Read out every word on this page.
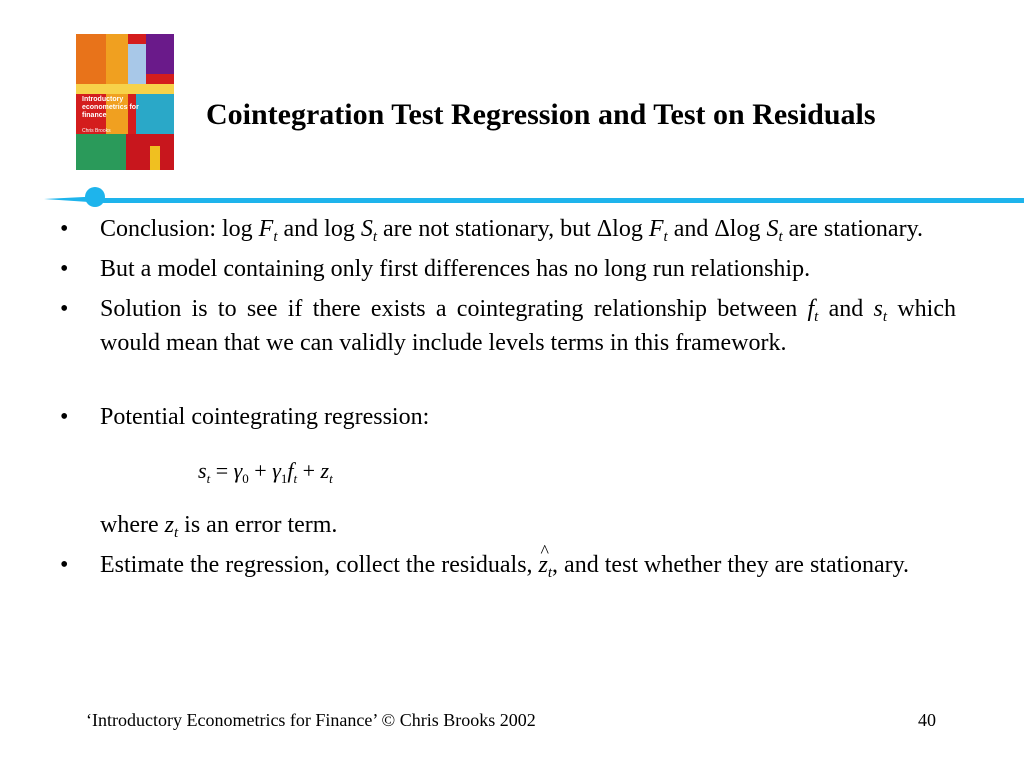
Introductory econometrics for finance
Chris Brooks	Cointegration Test Regression and Test on Residuals
• Conclusion: $\log F_t$ and $\log S_t$ are not stationary, but Δlog $F_t$ and Δlog $S_t$ are stationary.
• But a model containing only first differences has no long run relationship.
• Solution is to see if there exists a cointegrating relationship between $f_t$ and $s_t$ which would mean that we can validly include levels terms in this framework.
• Potential cointegrating regression:
$s_t = \gamma_0 + \gamma_1f_t + z_t$
where $z_t$ is an error term.
• Estimate the regression, collect the residuals, z $\^{}_t$, and test whether they are stationary.
‘Introductory Econometrics for Finance’ © Chris Brooks 2002	40
